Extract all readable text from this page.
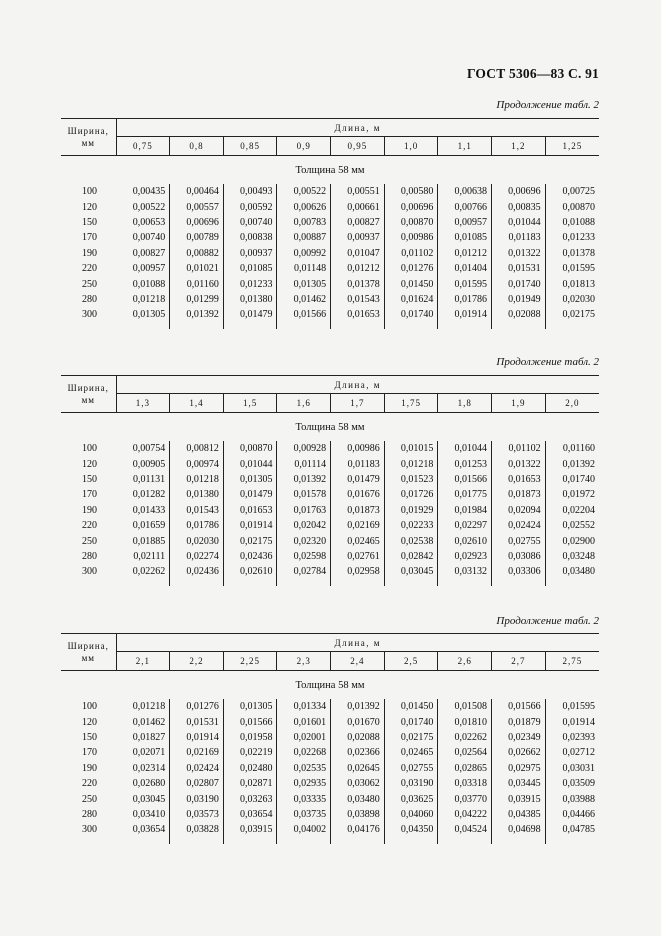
ГОСТ 5306—83 С. 91
Продолжение табл. 2
Ширина, мм	Длина, м								
	0,75	0,8	0,85	0,9	0,95	1,0	1,1	1,2	1,25
Толщина 58 мм									
100	0,00435	0,00464	0,00493	0,00522	0,00551	0,00580	0,00638	0,00696	0,00725
120	0,00522	0,00557	0,00592	0,00626	0,00661	0,00696	0,00766	0,00835	0,00870
150	0,00653	0,00696	0,00740	0,00783	0,00827	0,00870	0,00957	0,01044	0,01088
170	0,00740	0,00789	0,00838	0,00887	0,00937	0,00986	0,01085	0,01183	0,01233
190	0,00827	0,00882	0,00937	0,00992	0,01047	0,01102	0,01212	0,01322	0,01378
220	0,00957	0,01021	0,01085	0,01148	0,01212	0,01276	0,01404	0,01531	0,01595
250	0,01088	0,01160	0,01233	0,01305	0,01378	0,01450	0,01595	0,01740	0,01813
280	0,01218	0,01299	0,01380	0,01462	0,01543	0,01624	0,01786	0,01949	0,02030
300	0,01305	0,01392	0,01479	0,01566	0,01653	0,01740	0,01914	0,02088	0,02175

Продолжение табл. 2
Ширина, мм	Длина, м								
	1,3	1,4	1,5	1,6	1,7	1,75	1,8	1,9	2,0
Толщина 58 мм									
100	0,00754	0,00812	0,00870	0,00928	0,00986	0,01015	0,01044	0,01102	0,01160
120	0,00905	0,00974	0,01044	0,01114	0,01183	0,01218	0,01253	0,01322	0,01392
150	0,01131	0,01218	0,01305	0,01392	0,01479	0,01523	0,01566	0,01653	0,01740
170	0,01282	0,01380	0,01479	0,01578	0,01676	0,01726	0,01775	0,01873	0,01972
190	0,01433	0,01543	0,01653	0,01763	0,01873	0,01929	0,01984	0,02094	0,02204
220	0,01659	0,01786	0,01914	0,02042	0,02169	0,02233	0,02297	0,02424	0,02552
250	0,01885	0,02030	0,02175	0,02320	0,02465	0,02538	0,02610	0,02755	0,02900
280	0,02111	0,02274	0,02436	0,02598	0,02761	0,02842	0,02923	0,03086	0,03248
300	0,02262	0,02436	0,02610	0,02784	0,02958	0,03045	0,03132	0,03306	0,03480

Продолжение табл. 2
Ширина, мм	Длина, м								
	2,1	2,2	2,25	2,3	2,4	2,5	2,6	2,7	2,75
Толщина 58 мм									
100	0,01218	0,01276	0,01305	0,01334	0,01392	0,01450	0,01508	0,01566	0,01595
120	0,01462	0,01531	0,01566	0,01601	0,01670	0,01740	0,01810	0,01879	0,01914
150	0,01827	0,01914	0,01958	0,02001	0,02088	0,02175	0,02262	0,02349	0,02393
170	0,02071	0,02169	0,02219	0,02268	0,02366	0,02465	0,02564	0,02662	0,02712
190	0,02314	0,02424	0,02480	0,02535	0,02645	0,02755	0,02865	0,02975	0,03031
220	0,02680	0,02807	0,02871	0,02935	0,03062	0,03190	0,03318	0,03445	0,03509
250	0,03045	0,03190	0,03263	0,03335	0,03480	0,03625	0,03770	0,03915	0,03988
280	0,03410	0,03573	0,03654	0,03735	0,03898	0,04060	0,04222	0,04385	0,04466
300	0,03654	0,03828	0,03915	0,04002	0,04176	0,04350	0,04524	0,04698	0,04785
